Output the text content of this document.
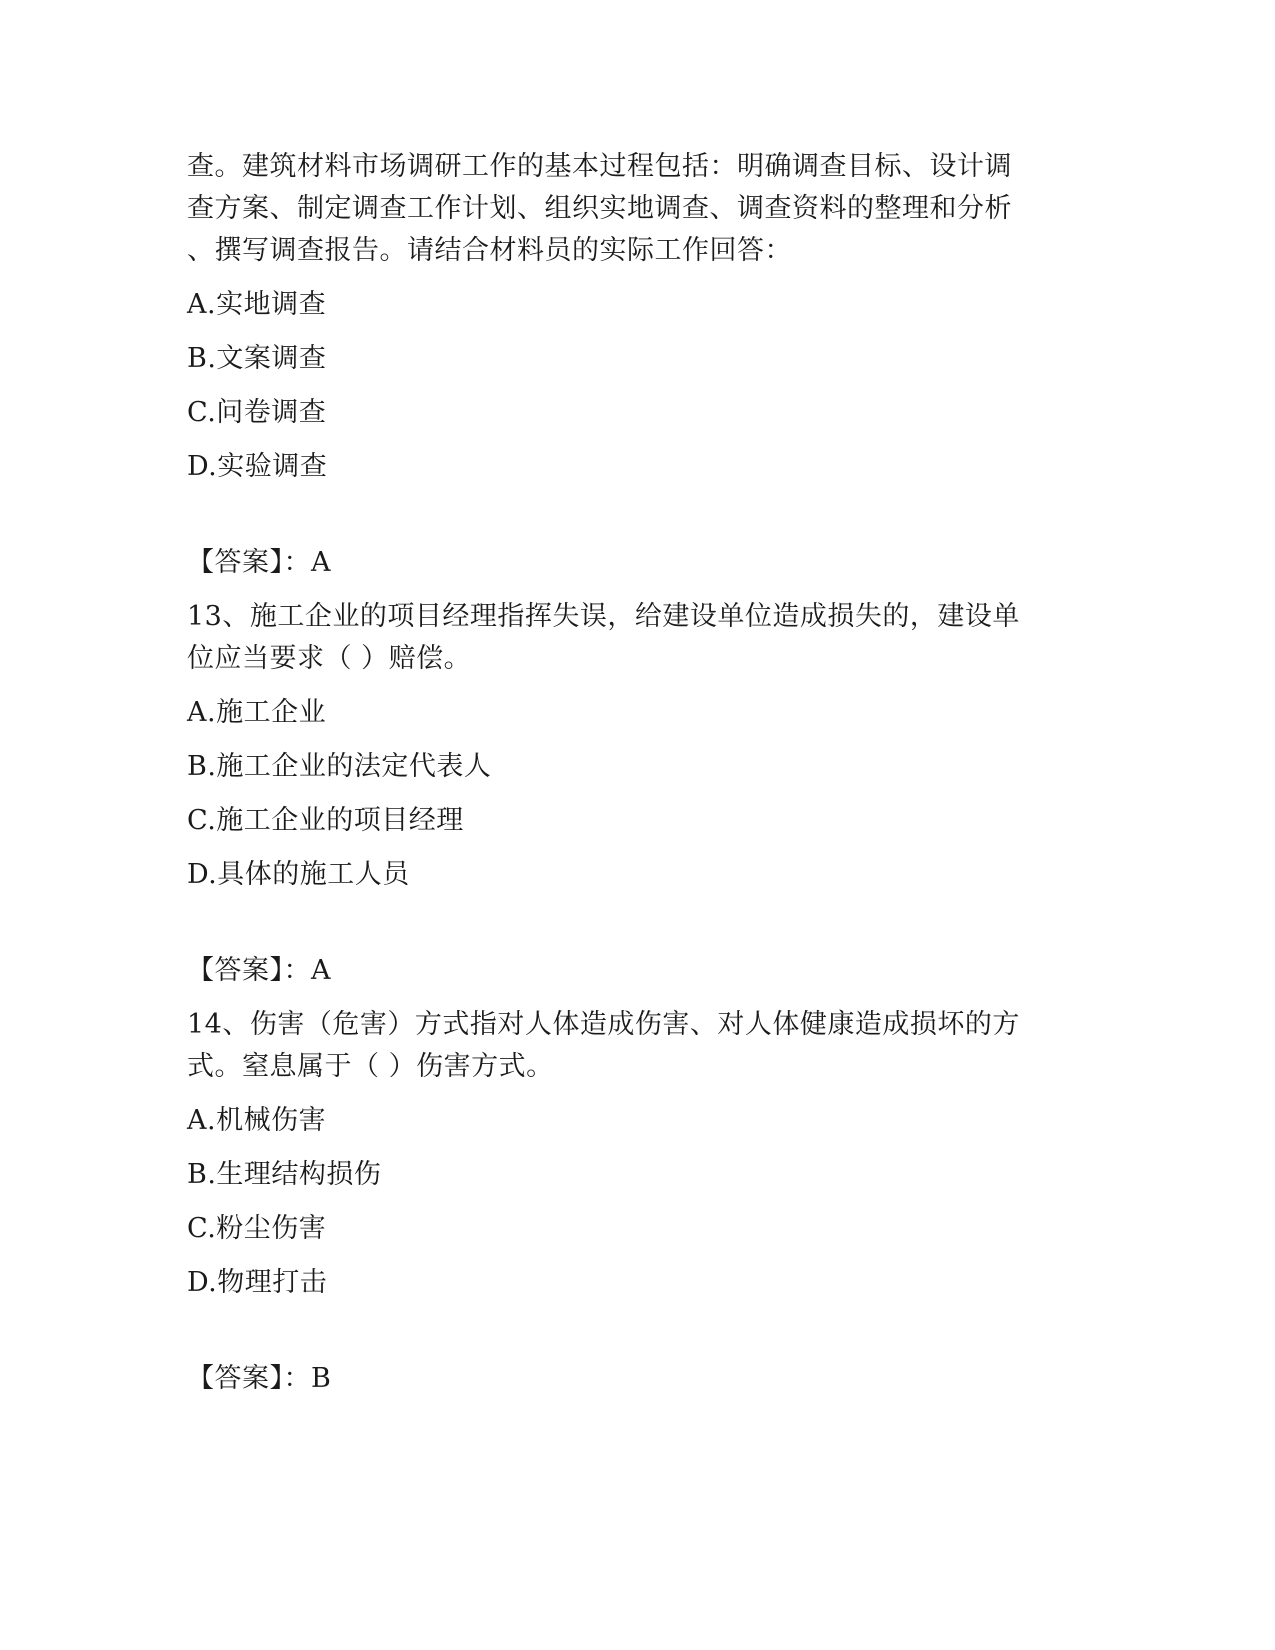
查。建筑材料市场调研工作的基本过程包括：明确调查目标、设计调
查方案、制定调查工作计划、组织实地调查、调查资料的整理和分析
、撰写调查报告。请结合材料员的实际工作回答：
A.实地调查
B.文案调查
C.问卷调查
D.实验调查
【答案】：A
13、施工企业的项目经理指挥失误，给建设单位造成损失的，建设单
位应当要求（ ）赔偿。
A.施工企业
B.施工企业的法定代表人
C.施工企业的项目经理
D.具体的施工人员
【答案】：A
14、伤害（危害）方式指对人体造成伤害、对人体健康造成损坏的方
式。窒息属于（ ）伤害方式。
A.机械伤害
B.生理结构损伤
C.粉尘伤害
D.物理打击
【答案】：B
